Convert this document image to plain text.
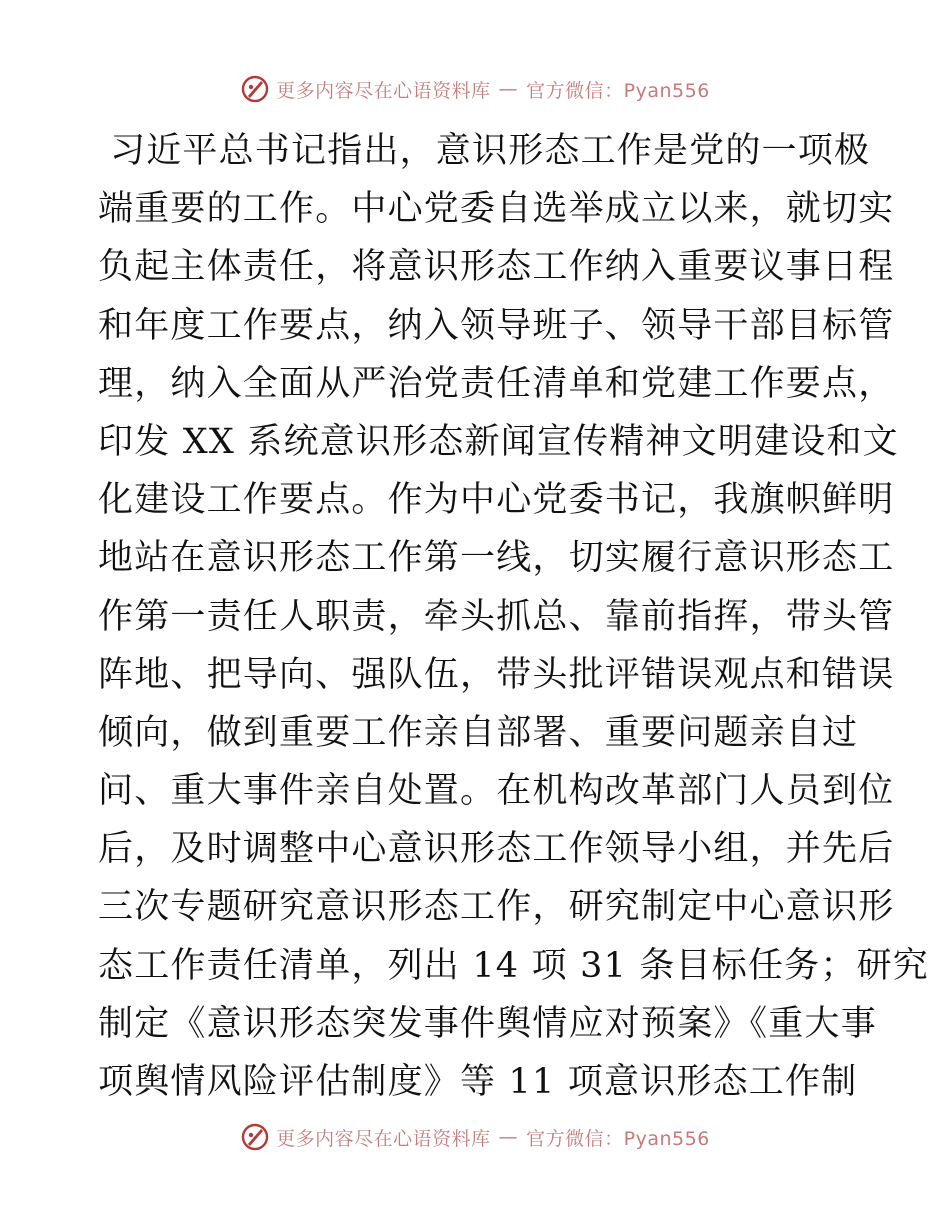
更多内容尽在心语资料库 — 官方微信：Pyan556
习近平总书记指出，意识形态工作是党的一项极
端重要的工作。中心党委自选举成立以来，就切实
负起主体责任，将意识形态工作纳入重要议事日程
和年度工作要点，纳入领导班子、领导干部目标管
理，纳入全面从严治党责任清单和党建工作要点，
印发 XX 系统意识形态新闻宣传精神文明建设和文
化建设工作要点。作为中心党委书记，我旗帜鲜明
地站在意识形态工作第一线，切实履行意识形态工
作第一责任人职责，牵头抓总、靠前指挥，带头管
阵地、把导向、强队伍，带头批评错误观点和错误
倾向，做到重要工作亲自部署、重要问题亲自过
问、重大事件亲自处置。在机构改革部门人员到位
后，及时调整中心意识形态工作领导小组，并先后
三次专题研究意识形态工作，研究制定中心意识形
态工作责任清单，列出 14 项 31 条目标任务；研究
制定《意识形态突发事件舆情应对预案》《重大事
项舆情风险评估制度》等 11 项意识形态工作制
更多内容尽在心语资料库 — 官方微信：Pyan556
